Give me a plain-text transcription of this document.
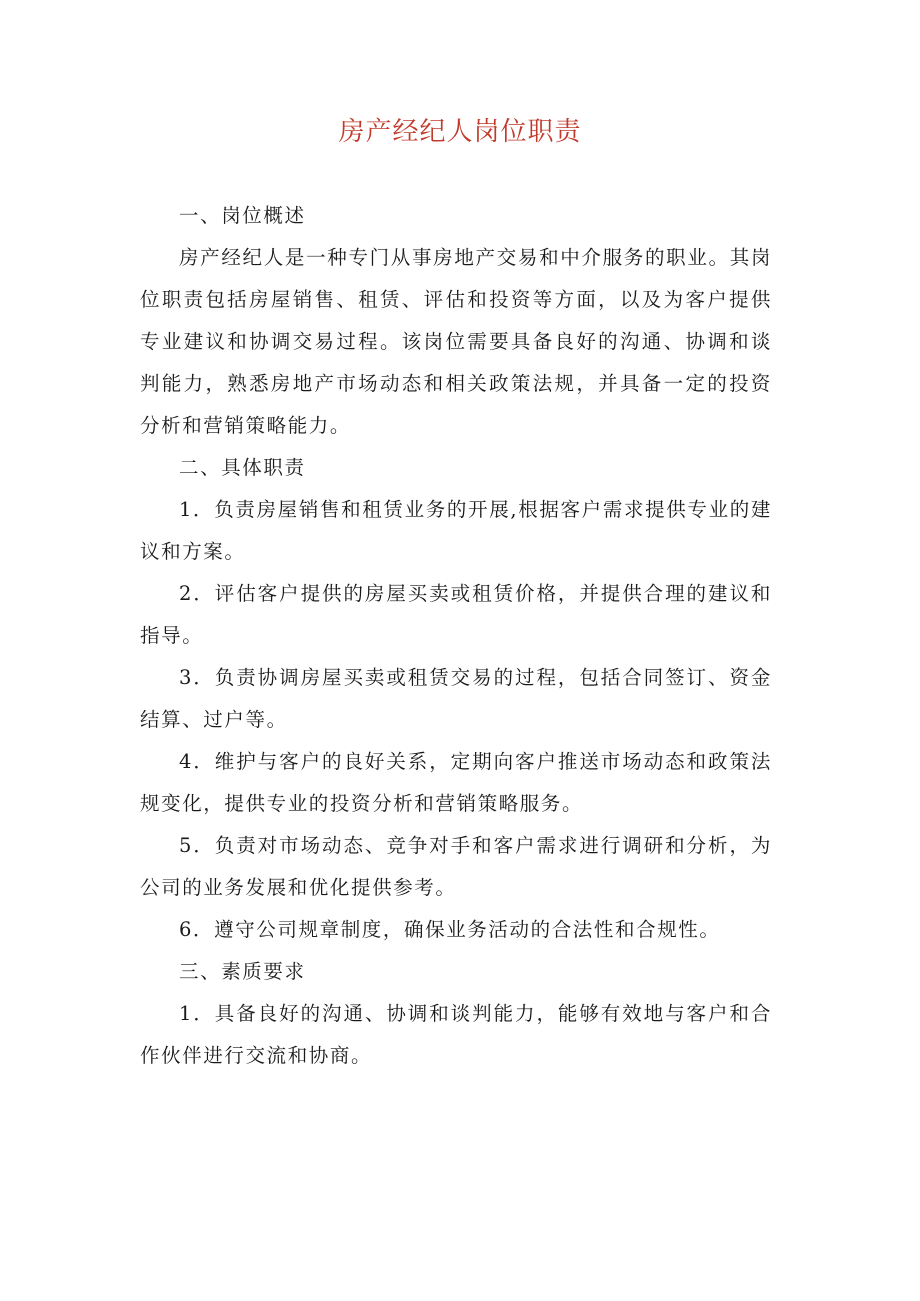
房产经纪人岗位职责

一、岗位概述

房产经纪人是一种专门从事房地产交易和中介服务的职业。其岗位职责包括房屋销售、租赁、评估和投资等方面，以及为客户提供专业建议和协调交易过程。该岗位需要具备良好的沟通、协调和谈判能力，熟悉房地产市场动态和相关政策法规，并具备一定的投资分析和营销策略能力。

二、具体职责

1．负责房屋销售和租赁业务的开展,根据客户需求提供专业的建议和方案。

2．评估客户提供的房屋买卖或租赁价格，并提供合理的建议和指导。

3．负责协调房屋买卖或租赁交易的过程，包括合同签订、资金结算、过户等。

4．维护与客户的良好关系，定期向客户推送市场动态和政策法规变化，提供专业的投资分析和营销策略服务。

5．负责对市场动态、竞争对手和客户需求进行调研和分析，为公司的业务发展和优化提供参考。

6．遵守公司规章制度，确保业务活动的合法性和合规性。

三、素质要求

1．具备良好的沟通、协调和谈判能力，能够有效地与客户和合作伙伴进行交流和协商。
